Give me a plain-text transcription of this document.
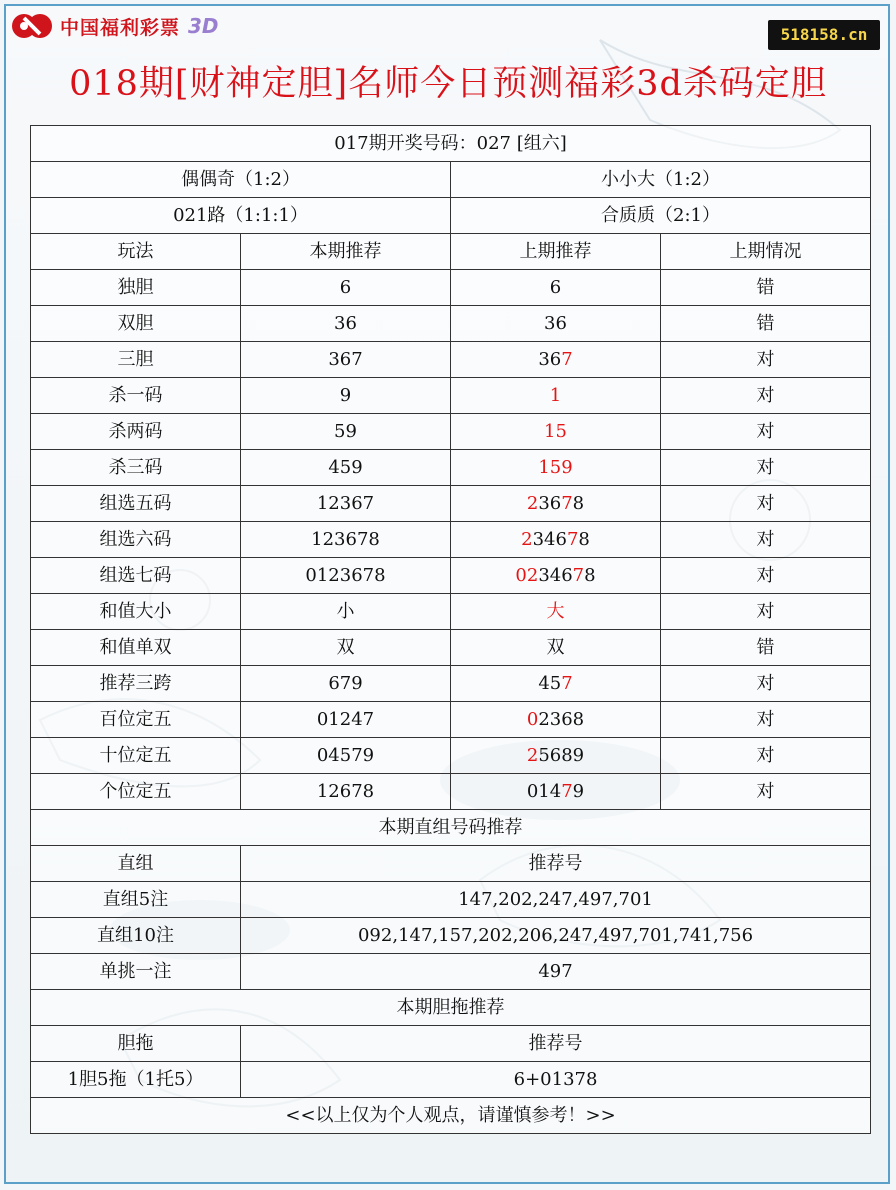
中国福利彩票 3D	518158.cn
018期[财神定胆]名师今日预测福彩3d杀码定胆
017期开奖号码：027 [组六]			
偶偶奇（1:2）		小小大（1:2）	
021路（1:1:1）		合质质（2:1）	
玩法	本期推荐	上期推荐	上期情况
独胆	6	6	错
双胆	36	36	错
三胆	367	367	对
杀一码	9	1	对
杀两码	59	15	对
杀三码	459	159	对
组选五码	12367	23678	对
组选六码	123678	234678	对
组选七码	0123678	0234678	对
和值大小	小	大	对
和值单双	双	双	错
推荐三跨	679	457	对
百位定五	01247	02368	对
十位定五	04579	25689	对
个位定五	12678	01479	对
本期直组号码推荐			
直组	推荐号		
直组5注	147,202,247,497,701		
直组10注	092,147,157,202,206,247,497,701,741,756		
单挑一注	497		
本期胆拖推荐			
胆拖	推荐号		
1胆5拖（1托5）	6+01378		
<<以上仅为个人观点，请谨慎参考！>>			
